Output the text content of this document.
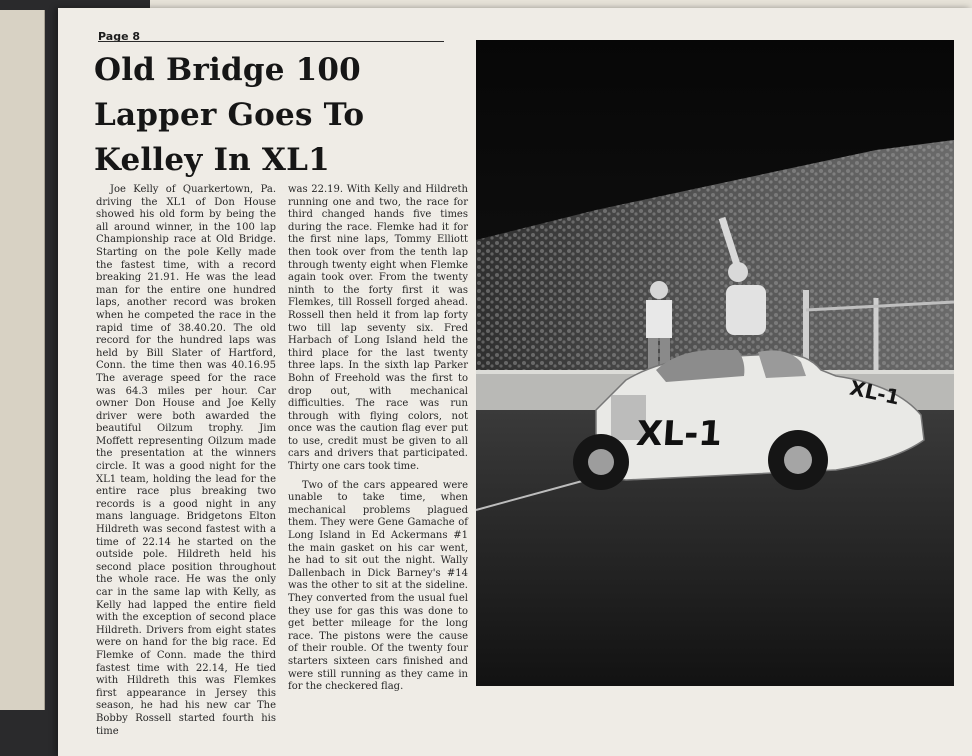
Page 8
Old Bridge 100
Lapper Goes To
Kelley In XL1

Joe Kelly of Quarkertown, Pa. driving the XL1 of Don House showed his old form by being the all around winner, in the 100 lap Championship race at Old Bridge. Starting on the pole Kelly made the fastest time, with a record breaking 21.91. He was the lead man for the entire one hundred laps, another record was broken when he competed the race in the rapid time of 38.40.20. The old record for the hundred laps was held by Bill Slater of Hartford, Conn. the time then was 40.16.95 The average speed for the race was 64.3 miles per hour. Car owner Don House and Joe Kelly driver were both awarded the beautiful Oilzum trophy. Jim Moffett representing Oilzum made the presentation at the winners circle. It was a good night for the XL1 team, holding the lead for the entire race plus breaking two records is a good night in any mans language. Bridgetons Elton Hildreth was second fastest with a time of 22.14 he started on the outside pole. Hildreth held his second place position throughout the whole race. He was the only car in the same lap with Kelly, as Kelly had lapped the entire field with the exception of second place Hildreth. Drivers from eight states were on hand for the big race. Ed Flemke of Conn. made the third fastest time with 22.14, He tied with Hildreth this was Flemkes first appearance in Jersey this season, he had his new car The Bobby Rossell started fourth his time

was 22.19. With Kelly and Hildreth running one and two, the race for third changed hands five times during the race. Flemke had it for the first nine laps, Tommy Elliott then took over from the tenth lap through twenty eight when Flemke again took over. From the twenty ninth to the forty first it was Flemkes, till Rossell forged ahead. Rossell then held it from lap forty two till lap seventy six. Fred Harbach of Long Island held the third place for the last twenty three laps. In the sixth lap Parker Bohn of Freehold was the first to drop out, with mechanical difficulties. The race was run through with flying colors, not once was the caution flag ever put to use, credit must be given to all cars and drivers that participated. Thirty one cars took time.

Two of the cars appeared were unable to take time, when mechanical problems plagued them. They were Gene Gamache of Long Island in Ed Ackermans #1 the main gasket on his car went, he had to sit out the night. Wally Dallenbach in Dick Barney's #14 was the other to sit at the sideline. They converted from the usual fuel they use for gas this was done to get better mileage for the long race. The pistons were the cause of their rouble. Of the twenty four starters sixteen cars finished and were still running as they came in for the checkered flag.

XL-1
XL-1
